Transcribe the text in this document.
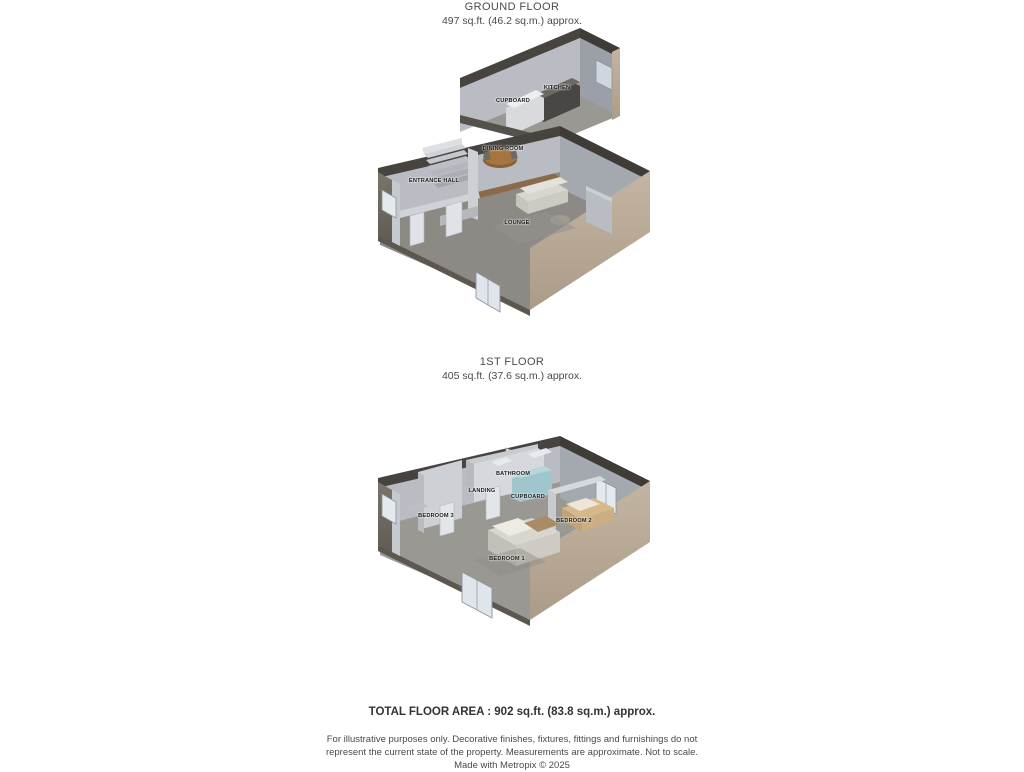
GROUND FLOOR
497 sq.ft. (46.2 sq.m.) approx.
KITCHEN
CUPBOARD
DINING ROOM
ENTRANCE HALL
LOUNGE
1ST FLOOR
405 sq.ft. (37.6 sq.m.) approx.
BATHROOM
LANDING
CUPBOARD
BEDROOM 3
BEDROOM 2
BEDROOM 1
TOTAL FLOOR AREA : 902 sq.ft. (83.8 sq.m.) approx.
For illustrative purposes only. Decorative finishes, fixtures, fittings and furnishings do not
represent the current state of the property. Measurements are approximate. Not to scale.
Made with Metropix © 2025
